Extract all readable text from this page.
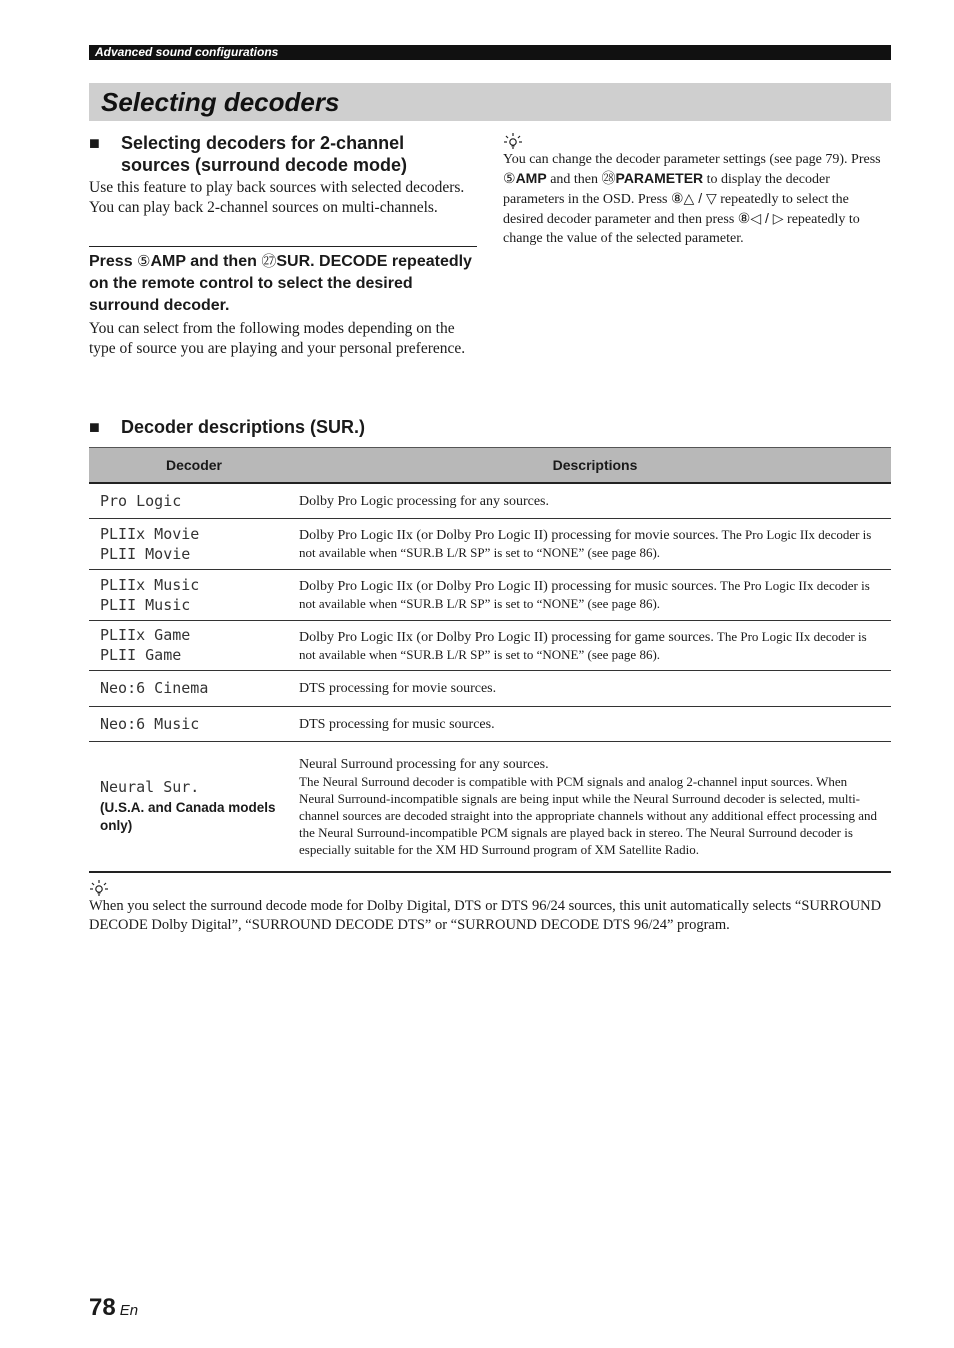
Advanced sound configurations
Selecting decoders

■ Selecting decoders for 2-channel
sources (surround decode mode)

Use this feature to play back sources with selected decoders. You can play back 2-channel sources on multi-channels.

Press ⑤AMP and then ㉗SUR. DECODE repeatedly on the remote control to select the desired surround decoder.

You can select from the following modes depending on the type of source you are playing and your personal preference.

You can change the decoder parameter settings (see page 79). Press ⑤AMP and then ㉘PARAMETER to display the decoder parameters in the OSD. Press ⑧△ / ▽ repeatedly to select the desired decoder parameter and then press ⑧◁ / ▷ repeatedly to change the value of the selected parameter.

■ Decoder descriptions (SUR.)

Decoder	Descriptions

Pro Logic	Dolby Pro Logic processing for any sources.

PLIIx Movie
PLII Movie	Dolby Pro Logic IIx (or Dolby Pro Logic II) processing for movie sources. The Pro Logic IIx decoder is not available when “SUR.B L/R SP” is set to “NONE” (see page 86).

PLIIx Music
PLII Music	Dolby Pro Logic IIx (or Dolby Pro Logic II) processing for music sources. The Pro Logic IIx decoder is not available when “SUR.B L/R SP” is set to “NONE” (see page 86).

PLIIx Game
PLII Game	Dolby Pro Logic IIx (or Dolby Pro Logic II) processing for game sources. The Pro Logic IIx decoder is not available when “SUR.B L/R SP” is set to “NONE” (see page 86).

Neo:6 Cinema	DTS processing for movie sources.

Neo:6 Music	DTS processing for music sources.

Neural Sur.
(U.S.A. and Canada models only)	Neural Surround processing for any sources.
The Neural Surround decoder is compatible with PCM signals and analog 2-channel input sources. When Neural Surround-incompatible signals are being input while the Neural Surround decoder is selected, multi-channel sources are decoded straight into the appropriate channels without any additional effect processing and the Neural Surround-incompatible PCM signals are played back in stereo. The Neural Surround decoder is especially suitable for the XM HD Surround program of XM Satellite Radio.

When you select the surround decode mode for Dolby Digital, DTS or DTS 96/24 sources, this unit automatically selects “SURROUND DECODE Dolby Digital”, “SURROUND DECODE DTS” or “SURROUND DECODE DTS 96/24” program.

78 En
